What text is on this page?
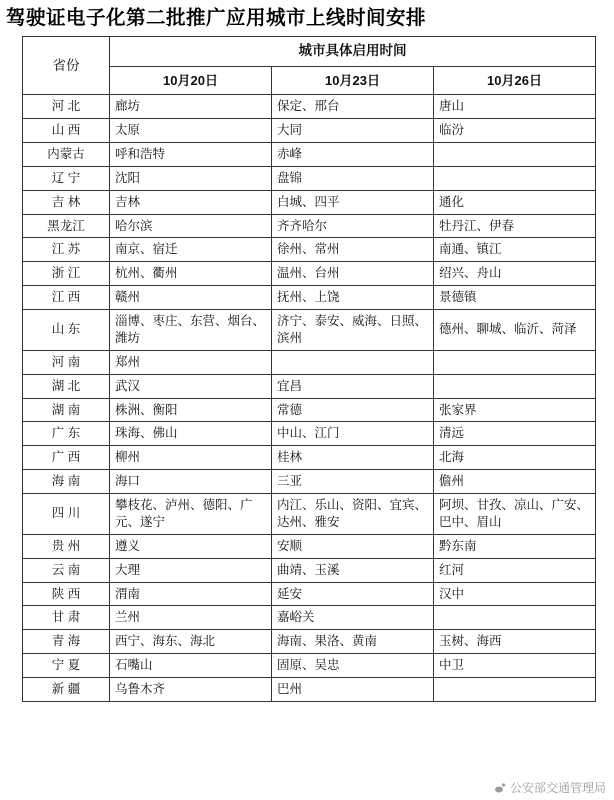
驾驶证电子化第二批推广应用城市上线时间安排
省份	城市具体启用时间		
	10月20日	10月23日	10月26日
河 北	廊坊	保定、邢台	唐山
山 西	太原	大同	临汾
内蒙古	呼和浩特	赤峰	
辽 宁	沈阳	盘锦	
吉 林	吉林	白城、四平	通化
黑龙江	哈尔滨	齐齐哈尔	牡丹江、伊春
江 苏	南京、宿迁	徐州、常州	南通、镇江
浙 江	杭州、衢州	温州、台州	绍兴、舟山
江 西	赣州	抚州、上饶	景德镇
山 东	淄博、枣庄、东营、烟台、潍坊	济宁、泰安、威海、日照、滨州	德州、聊城、临沂、菏泽
河 南	郑州		
湖 北	武汉	宜昌	
湖 南	株洲、衡阳	常德	张家界
广 东	珠海、佛山	中山、江门	清远
广 西	柳州	桂林	北海
海 南	海口	三亚	儋州
四 川	攀枝花、泸州、德阳、广元、遂宁	内江、乐山、资阳、宜宾、达州、雅安	阿坝、甘孜、凉山、广安、巴中、眉山
贵 州	遵义	安顺	黔东南
云 南	大理	曲靖、玉溪	红河
陕 西	渭南	延安	汉中
甘 肃	兰州	嘉峪关	
青 海	西宁、海东、海北	海南、果洛、黄南	玉树、海西
宁 夏	石嘴山	固原、吴忠	中卫
新 疆	乌鲁木齐	巴州	
公安部交通管理局
